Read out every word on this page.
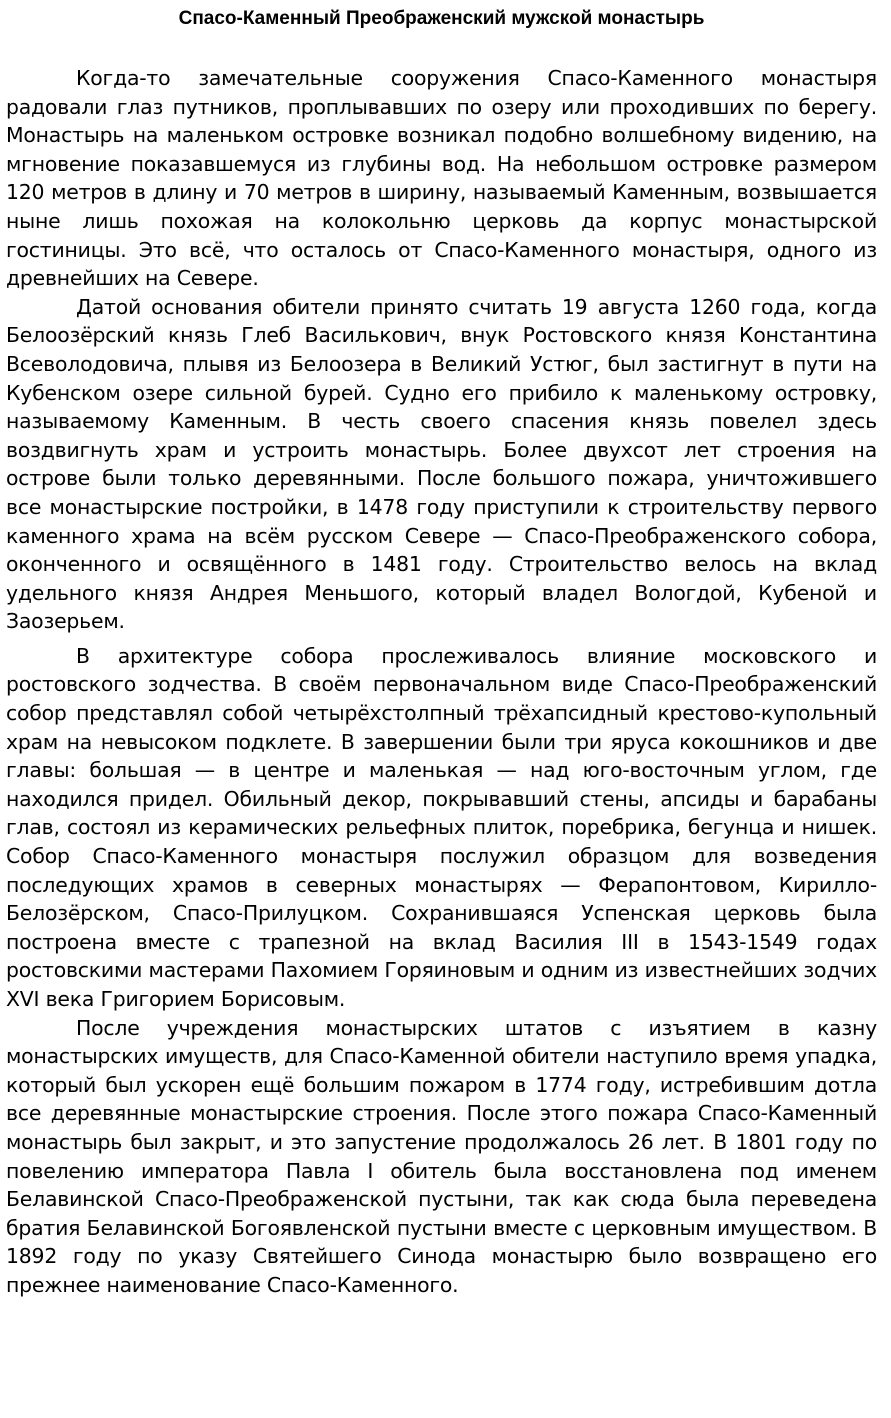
Спасо-Каменный Преображенский мужской монастырь

Когда-то замечательные сооружения Спасо-Каменного монастыря радовали глаз путников, проплывавших по озеру или проходивших по берегу. Монастырь на маленьком островке возникал подобно волшебному видению, на мгновение показавшемуся из глубины вод. На небольшом островке размером 120 метров в длину и 70 метров в ширину, называемый Каменным, возвышается ныне лишь похожая на колокольню церковь да корпус монастырской гостиницы. Это всё, что осталось от Спасо-Каменного монастыря, одного из древнейших на Севере.

Датой основания обители принято считать 19 августа 1260 года, когда Белоозёрский князь Глеб Василькович, внук Ростовского князя Константина Всеволодовича, плывя из Белоозера в Великий Устюг, был застигнут в пути на Кубенском озере сильной бурей. Судно его прибило к маленькому островку, называемому Каменным. В честь своего спасения князь повелел здесь воздвигнуть храм и устроить монастырь. Более двухсот лет строения на острове были только деревянными. После большого пожара, уничтожившего все монастырские постройки, в 1478 году приступили к строительству первого каменного храма на всём русском Севере — Спасо-Преображенского собора, оконченного и освящённого в 1481 году. Строительство велось на вклад удельного князя Андрея Меньшого, который владел Вологдой, Кубеной и Заозерьем.

В архитектуре собора прослеживалось влияние московского и ростовского зодчества. В своём первоначальном виде Спасо-Преображенский собор представлял собой четырёхстолпный трёхапсидный крестово-купольный храм на невысоком подклете. В завершении были три яруса кокошников и две главы: большая — в центре и маленькая — над юго-восточным углом, где находился придел. Обильный декор, покрывавший стены, апсиды и барабаны глав, состоял из керамических рельефных плиток, поребрика, бегунца и нишек. Собор Спасо-Каменного монастыря послужил образцом для возведения последующих храмов в северных монастырях — Ферапонтовом, Кирилло-Белозёрском, Спасо-Прилуцком. Сохранившаяся Успенская церковь была построена вместе с трапезной на вклад Василия III в 1543-1549 годах ростовскими мастерами Пахомием Горяиновым и одним из известнейших зодчих XVI века Григорием Борисовым.

После учреждения монастырских штатов с изъятием в казну монастырских имуществ, для Спасо-Каменной обители наступило время упадка, который был ускорен ещё большим пожаром в 1774 году, истребившим дотла все деревянные монастырские строения. После этого пожара Спасо-Каменный монастырь был закрыт, и это запустение продолжалось 26 лет. В 1801 году по повелению императора Павла I обитель была восстановлена под именем Белавинской Спасо-Преображенской пустыни, так как сюда была переведена братия Белавинской Богоявленской пустыни вместе с церковным имуществом. В 1892 году по указу Святейшего Синода монастырю было возвращено его прежнее наименование Спасо-Каменного.
